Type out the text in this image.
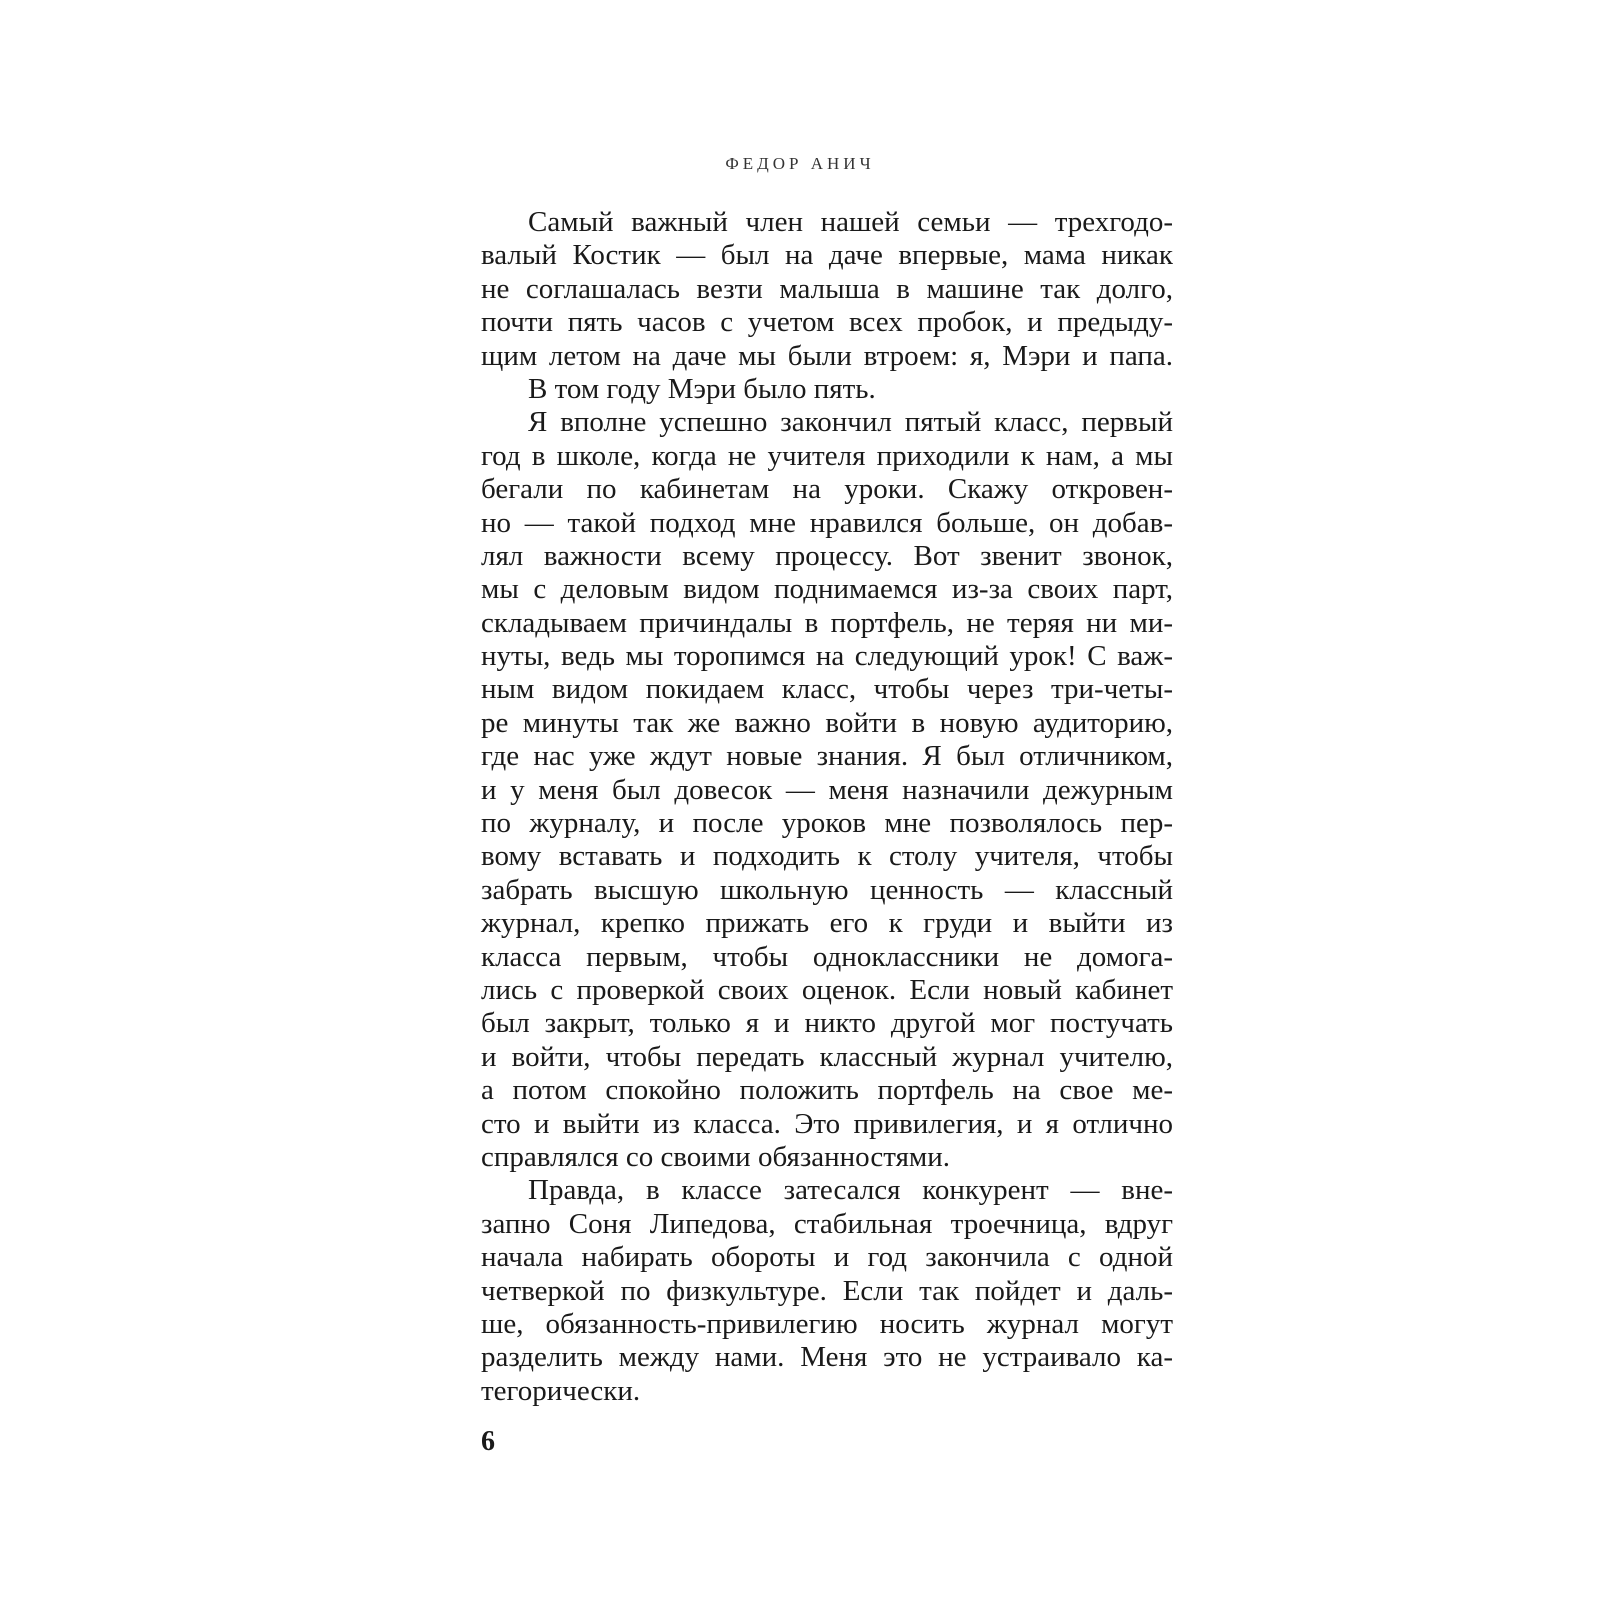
ФЕДОР АНИЧ
Самый важный член нашей семьи — трехгодо-
валый Костик — был на даче впервые, мама никак
не соглашалась везти малыша в машине так долго,
почти пять часов с учетом всех пробок, и предыду-
щим летом на даче мы были втроем: я, Мэри и папа.
В том году Мэри было пять.
Я вполне успешно закончил пятый класс, первый
год в школе, когда не учителя приходили к нам, а мы
бегали по кабинетам на уроки. Скажу откровен-
но — такой подход мне нравился больше, он добав-
лял важности всему процессу. Вот звенит звонок,
мы с деловым видом поднимаемся из-за своих парт,
складываем причиндалы в портфель, не теряя ни ми-
нуты, ведь мы торопимся на следующий урок! С важ-
ным видом покидаем класс, чтобы через три-четы-
ре минуты так же важно войти в новую аудиторию,
где нас уже ждут новые знания. Я был отличником,
и у меня был довесок — меня назначили дежурным
по журналу, и после уроков мне позволялось пер-
вому вставать и подходить к столу учителя, чтобы
забрать высшую школьную ценность — классный
журнал, крепко прижать его к груди и выйти из
класса первым, чтобы одноклассники не домога-
лись с проверкой своих оценок. Если новый кабинет
был закрыт, только я и никто другой мог постучать
и войти, чтобы передать классный журнал учителю,
а потом спокойно положить портфель на свое ме-
сто и выйти из класса. Это привилегия, и я отлично
справлялся со своими обязанностями.
Правда, в классе затесался конкурент — вне-
запно Соня Липедова, стабильная троечница, вдруг
начала набирать обороты и год закончила с одной
четверкой по физкультуре. Если так пойдет и даль-
ше, обязанность-привилегию носить журнал могут
разделить между нами. Меня это не устраивало ка-
тегорически.
6
